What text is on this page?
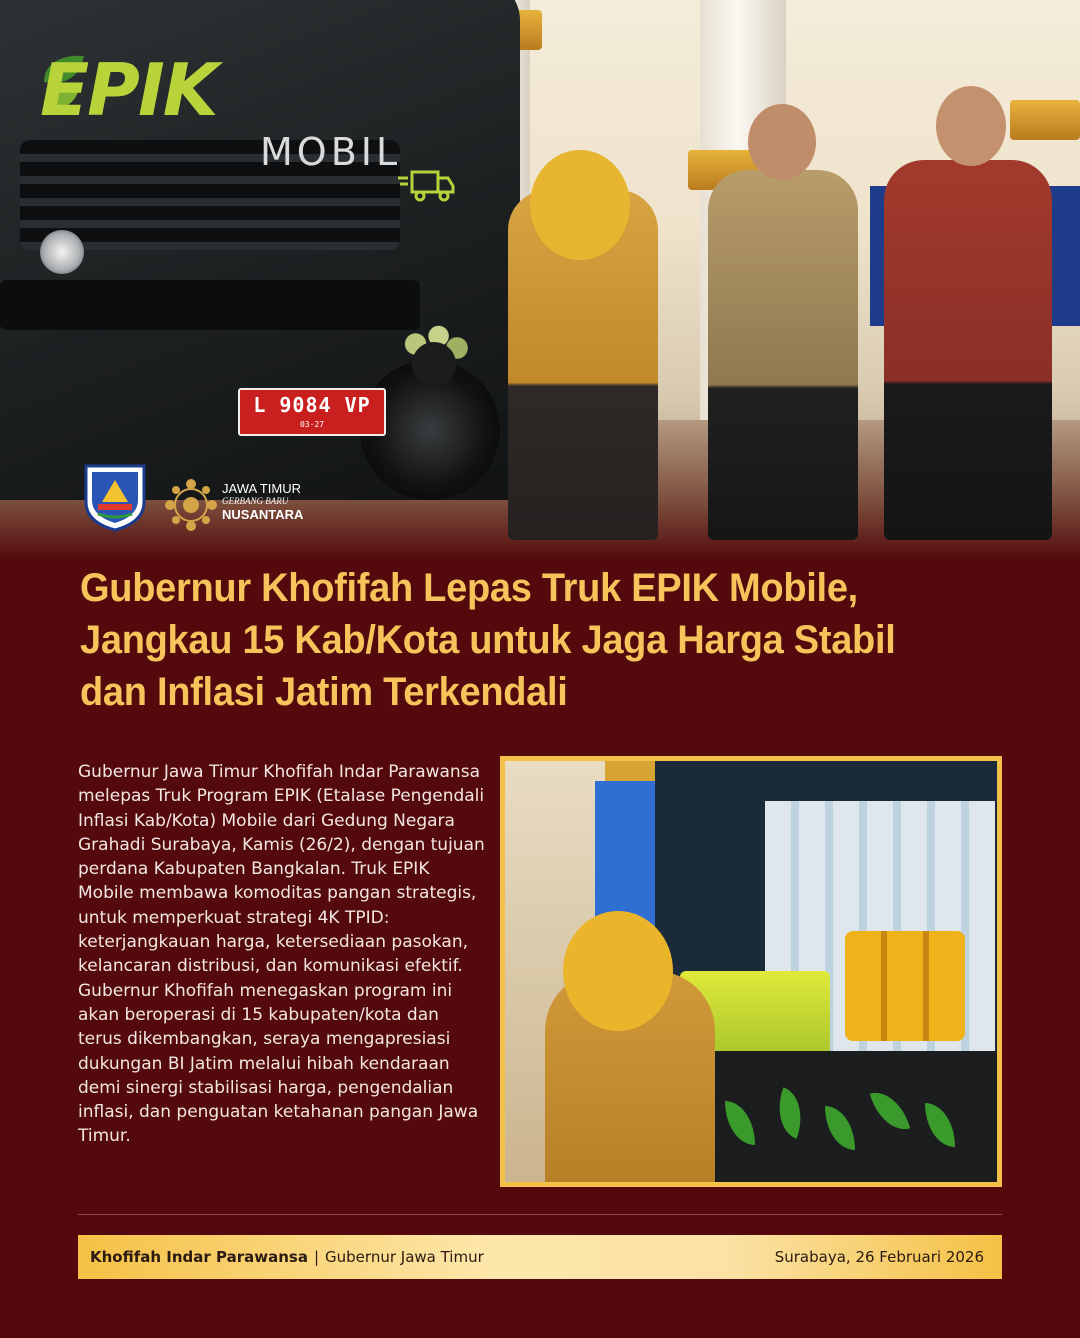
EPIK
MOBIL
L 9084 VP
03·27
JAWA TIMUR
GERBANG BARU
NUSANTARA
Gubernur Khofifah Lepas Truk EPIK Mobile,
Jangkau 15 Kab/Kota untuk Jaga Harga Stabil
dan Inflasi Jatim Terkendali

Gubernur Jawa Timur Khofifah Indar Parawansa melepas Truk Program EPIK (Etalase Pengendali Inflasi Kab/Kota) Mobile dari Gedung Negara Grahadi Surabaya, Kamis (26/2), dengan tujuan perdana Kabupaten Bangkalan. Truk EPIK Mobile membawa komoditas pangan strategis, untuk memperkuat strategi 4K TPID: keterjangkauan harga, ketersediaan pasokan, kelancaran distribusi, dan komunikasi efektif. Gubernur Khofifah menegaskan program ini akan beroperasi di 15 kabupaten/kota dan terus dikembangkan, seraya mengapresiasi dukungan BI Jatim melalui hibah kendaraan demi sinergi stabilisasi harga, pengendalian inflasi, dan penguatan ketahanan pangan Jawa Timur.

Khofifah Indar Parawansa | Gubernur Jawa Timur	Surabaya, 26 Februari 2026
